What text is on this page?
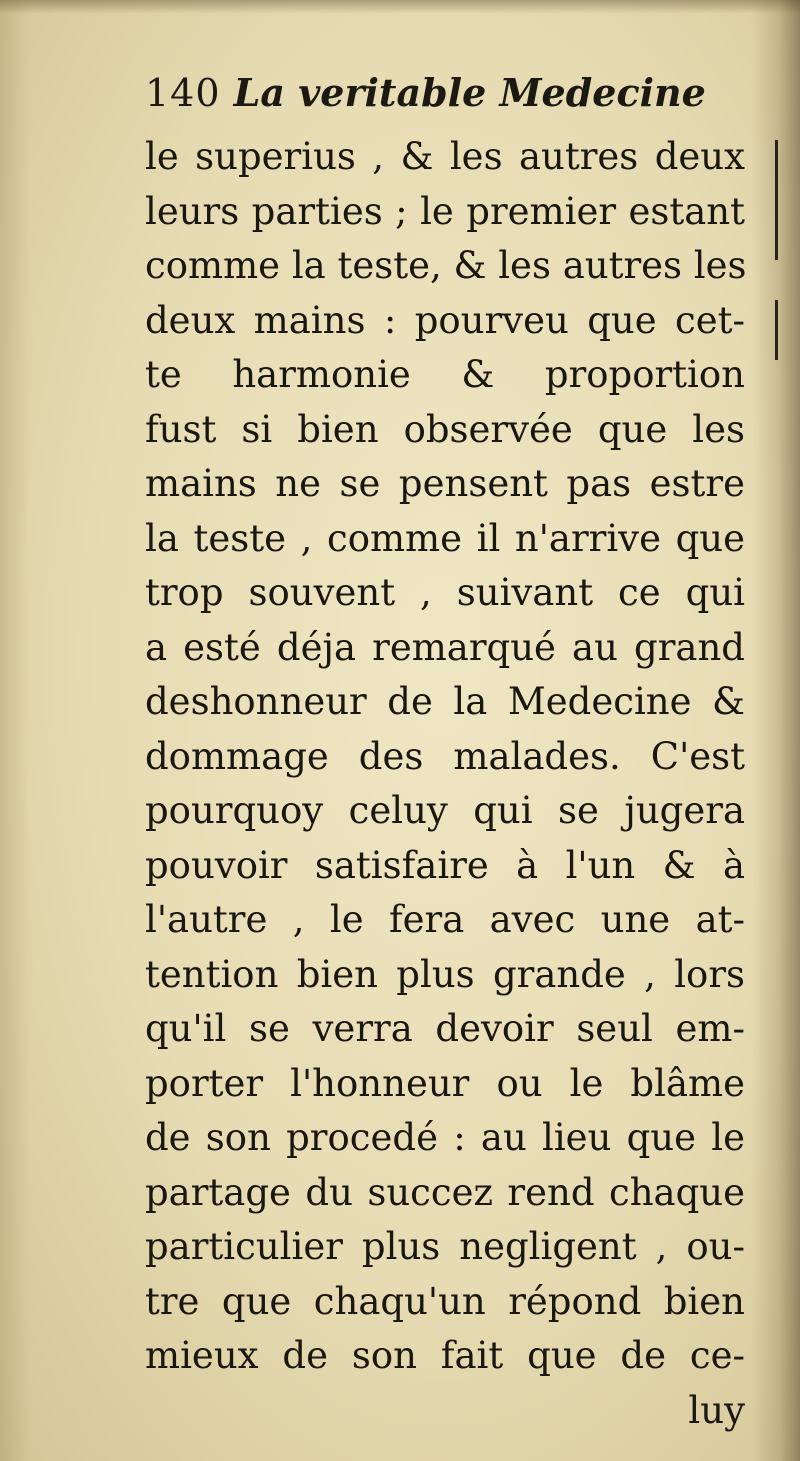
140 La veritable Medecine
le superius , & les autres deux
leurs parties ; le premier estant
comme la teste, & les autres les
deux mains : pourveu que cet-
te harmonie & proportion
fust si bien observée que les
mains ne se pensent pas estre
la teste , comme il n'arrive que
trop souvent , suivant ce qui
a esté déja remarqué au grand
deshonneur de la Medecine &
dommage des malades. C'est
pourquoy celuy qui se jugera
pouvoir satisfaire à l'un & à
l'autre , le fera avec une at-
tention bien plus grande , lors
qu'il se verra devoir seul em-
porter l'honneur ou le blâme
de son procedé : au lieu que le
partage du succez rend chaque
particulier plus negligent , ou-
tre que chaqu'un répond bien
mieux de son fait que de ce-
luy
